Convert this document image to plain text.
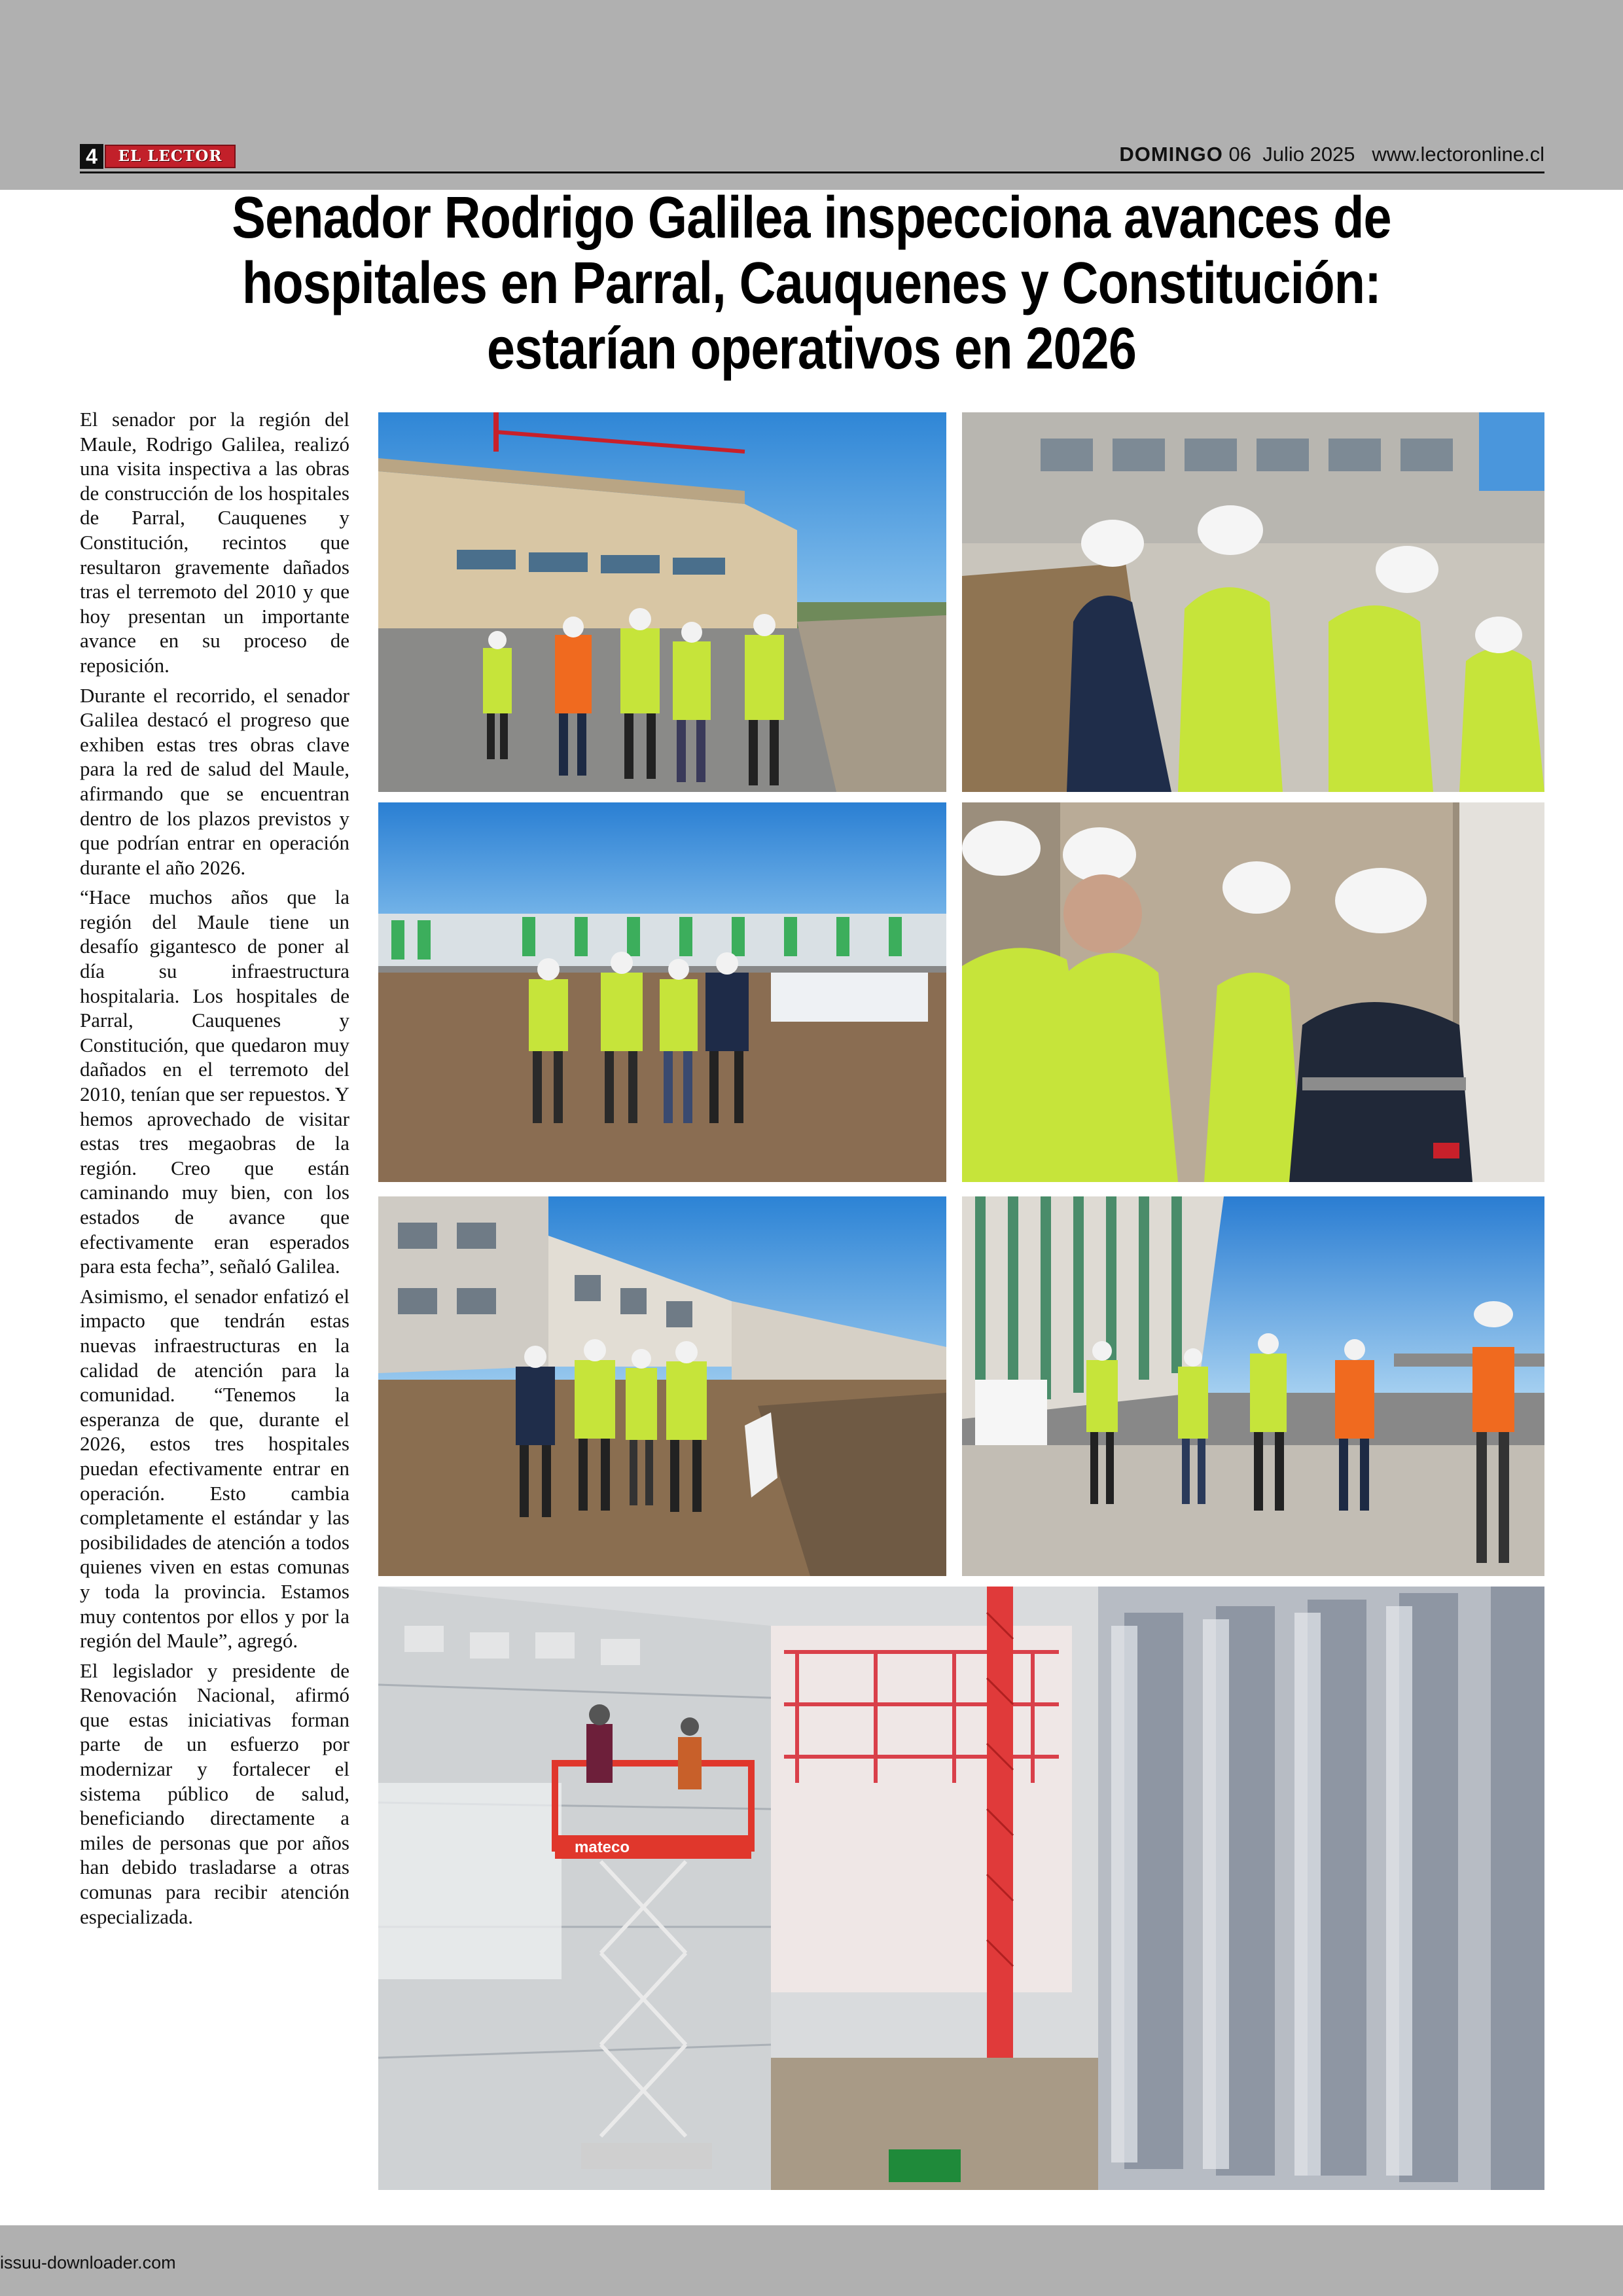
4	EL LECTOR	DOMINGO 06  Julio 2025 www.lectoronline.cl
Senador Rodrigo Galilea inspecciona avances de hospitales en Parral, Cauquenes y Constitución: estarían operativos en 2026

El senador por la región del Maule, Rodrigo Galilea, realizó una visita inspectiva a las obras de construcción de los hospitales de Parral, Cauquenes y Constitución, recintos que resultaron gravemente dañados tras el terremoto del 2010 y que hoy presentan un importante avance en su proceso de reposición.

Durante el recorrido, el senador Galilea destacó el progreso que exhiben estas tres obras clave para la red de salud del Maule, afirmando que se encuentran dentro de los plazos previstos y que podrían entrar en operación durante el año 2026.

“Hace muchos años que la región del Maule tiene un desafío gigantesco de poner al día su infraestructura hospitalaria. Los hospitales de Parral, Cauquenes y Constitución, que quedaron muy dañados en el terremoto del 2010, tenían que ser repuestos. Y hemos aprovechado de visitar estas tres megaobras de la región. Creo que están caminando muy bien, con los estados de avance que efectivamente eran esperados para esta fecha”, señaló Galilea.

Asimismo, el senador enfatizó el impacto que tendrán estas nuevas infraestructuras en la calidad de atención para la comunidad. “Tenemos la esperanza de que, durante el 2026, estos tres hospitales puedan efectivamente entrar en operación. Esto cambia completamente el estándar y las posibilidades de atención a todos quienes viven en estas comunas y toda la provincia. Estamos muy contentos por ellos y por la región del Maule”, agregó.

El legislador y presidente de Renovación Nacional, afirmó que estas iniciativas forman parte de un esfuerzo por modernizar y fortalecer el sistema público de salud, beneficiando directamente a miles de personas que por años han debido trasladarse a otras comunas para recibir atención especializada.

mateco
issuu-downloader.com
